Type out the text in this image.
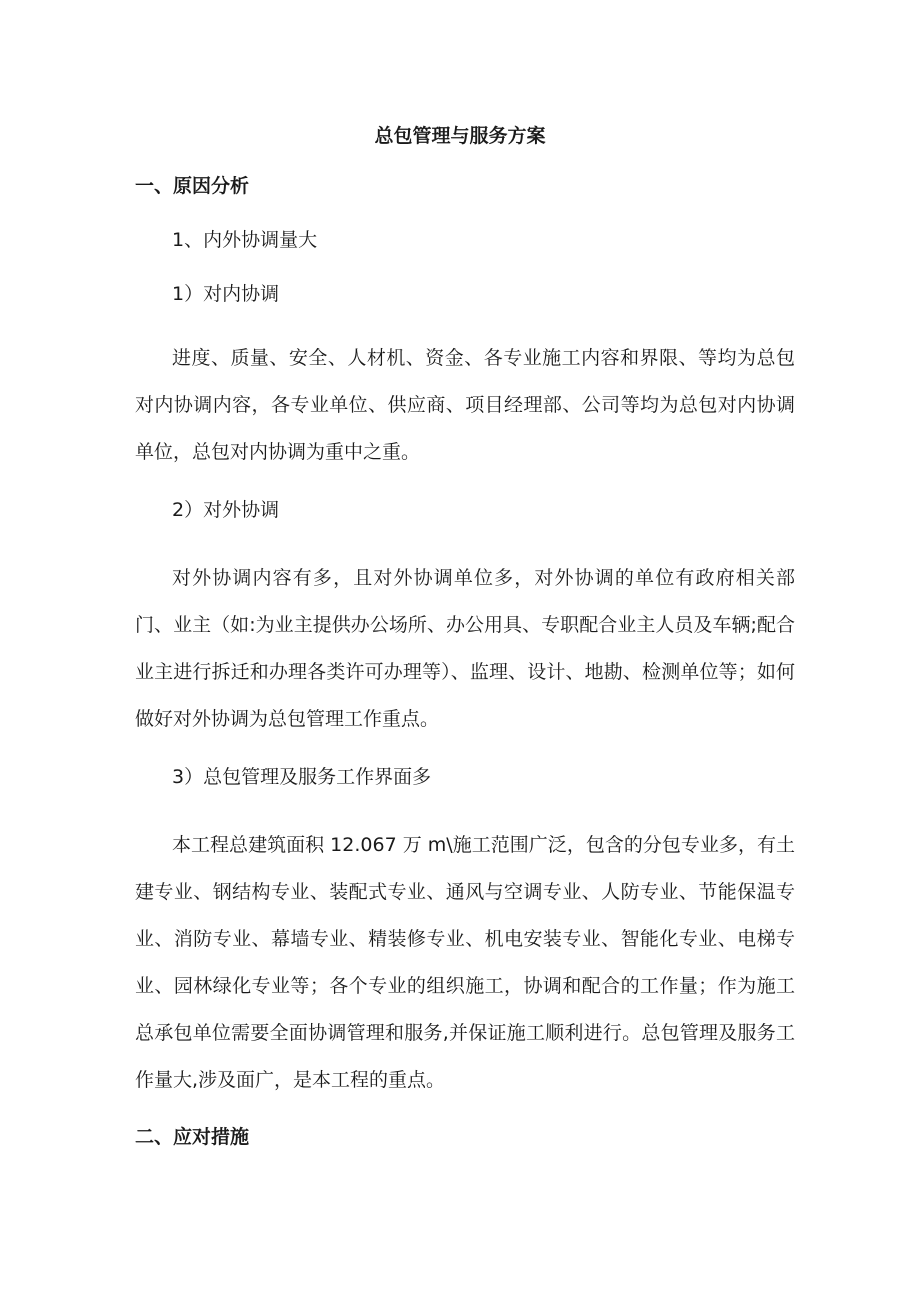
总包管理与服务方案
一、原因分析
1、内外协调量大
1）对内协调
进度、质量、安全、人材机、资金、各专业施工内容和界限、等均为总包对内协调内容，各专业单位、供应商、项目经理部、公司等均为总包对内协调单位，总包对内协调为重中之重。
2）对外协调
对外协调内容有多，且对外协调单位多，对外协调的单位有政府相关部门、业主（如:为业主提供办公场所、办公用具、专职配合业主人员及车辆;配合业主进行拆迁和办理各类许可办理等）、监理、设计、地勘、检测单位等；如何做好对外协调为总包管理工作重点。
3）总包管理及服务工作界面多
本工程总建筑面积 12.067 万 m\施工范围广泛，包含的分包专业多，有土建专业、钢结构专业、装配式专业、通风与空调专业、人防专业、节能保温专业、消防专业、幕墙专业、精装修专业、机电安装专业、智能化专业、电梯专业、园林绿化专业等；各个专业的组织施工，协调和配合的工作量；作为施工总承包单位需要全面协调管理和服务,并保证施工顺利进行。总包管理及服务工作量大,涉及面广，是本工程的重点。
二、应对措施
